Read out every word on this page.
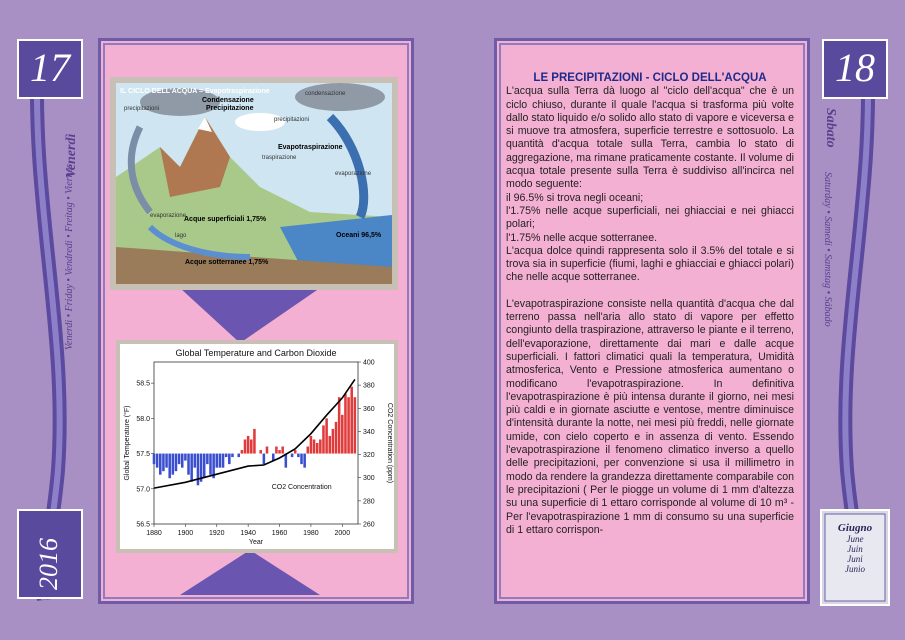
17
Venerdì
Venerdi • Friday • Vendredi • Freitag • Viernes
2016
IL CICLO DELL'ACQUA = Evapotraspirazione
Condensazione
Precipitazione
precipitazioni
condensazione
precipitazioni
traspirazione
Evapotraspirazione
evaporazione
evaporazione
lago
Acque superficiali 1,75%
Oceani 96,5%
Acque sotterranee 1,75%
Global Temperature and Carbon Dioxide
CO2 Concentration
1880 1900 1920 1940 1960 1980 2000
56.5
57.0
57.5
58.0
58.5
260
280
300
320
340
360
380
400
Year
Global Temperature (°F)	CO2 Concentration (ppm)

LE PRECIPITAZIONI - CICLO DELL'ACQUA

L'acqua sulla Terra dà luogo al "ciclo dell'acqua" che è un ciclo chiuso, durante il quale l'acqua si trasforma più volte dallo stato liquido e/o solido allo stato di vapore e viceversa e si muove tra atmosfera, superficie terrestre e sottosuolo. La quantità d'acqua totale sulla Terra, cambia lo stato di aggregazione, ma rimane praticamente costante. Il volume di acqua totale presente sulla Terra è suddiviso all'incirca nel modo seguente:

il 96.5% si trova negli oceani;

l'1.75% nelle acque superficiali, nei ghiacciai e nei ghiacci polari;

l'1.75% nelle acque sotterranee.

L'acqua dolce quindi rappresenta solo il 3.5% del totale e si trova sia in superficie (fiumi, laghi e ghiacciai e ghiacci polari) che nelle acque sotterranee.

L'evapotraspirazione consiste nella quantità d'acqua che dal terreno passa nell'aria allo stato di vapore per effetto congiunto della traspirazione, attraverso le piante e il terreno, dell'evaporazione, direttamente dai mari e dalle acque superficiali. I fattori climatici quali la temperatura, Umidità atmosferica, Vento e Pressione atmosferica aumentano o modificano l'evapotraspirazione. In definitiva l'evapotraspirazione è più intensa durante il giorno, nei mesi più caldi e in giornate asciutte e ventose, mentre diminuisce d'intensità durante la notte, nei mesi più freddi, nelle giornate umide, con cielo coperto e in assenza di vento. Essendo l'evapotraspirazione il fenomeno climatico inverso a quello delle precipitazioni, per convenzione si usa il millimetro in modo da rendere la grandezza direttamente comparabile con le precipitazioni ( Per le piogge un volume di 1 mm d'altezza su una superficie di 1 ettaro corrisponde al volume di 10 m³ - Per l'evapotraspirazione 1 mm di consumo su una superficie di 1 ettaro corrispon-

18
Sabato
Saturday • Samedi • Samstag • Sábado
Giugno
June
Juin
Juni
Junio
